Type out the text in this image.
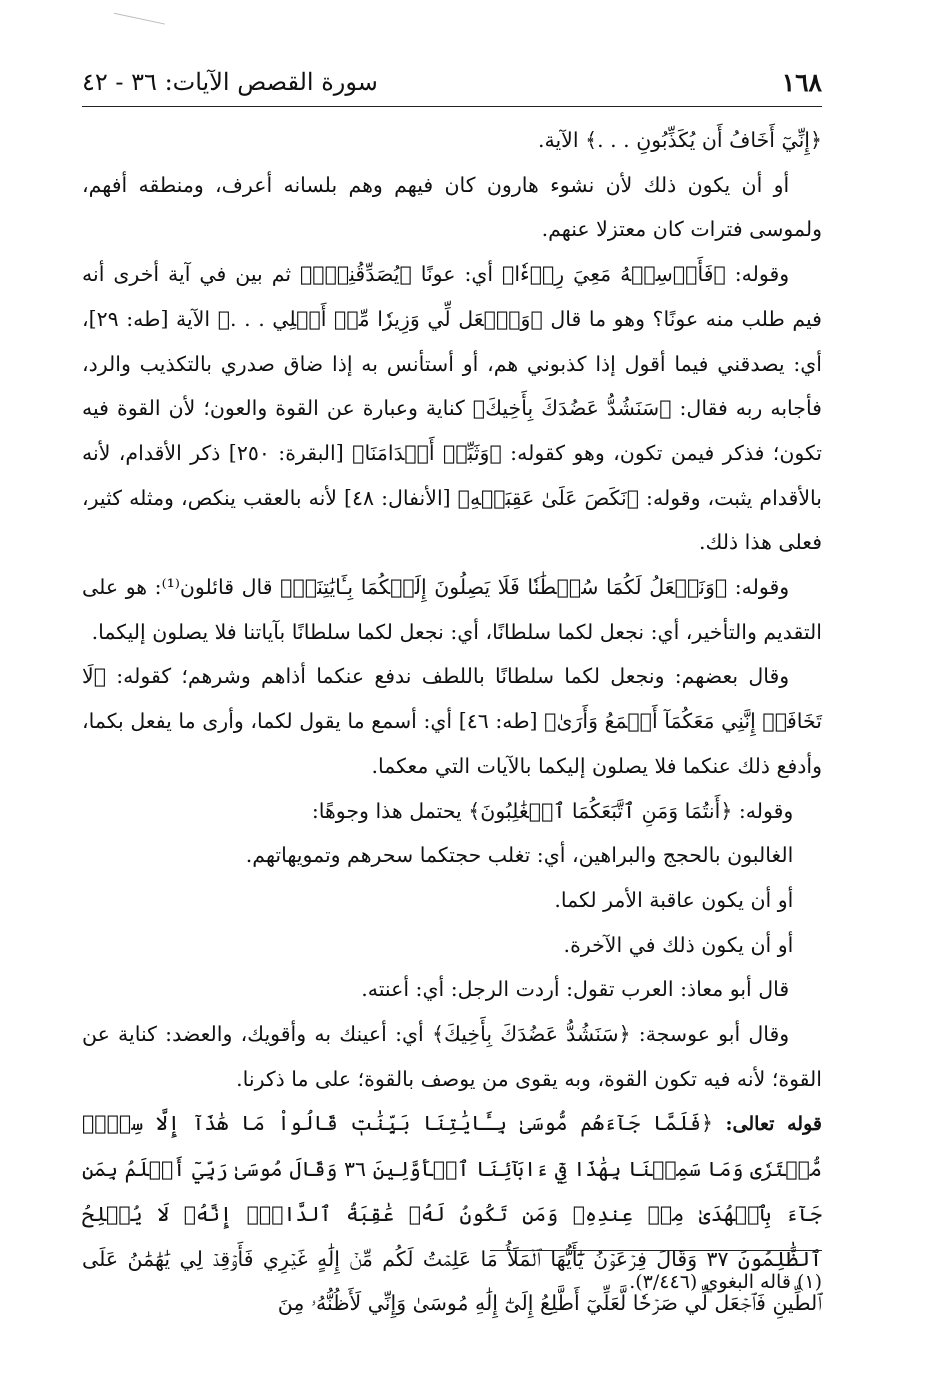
١٦٨
سورة القصص الآيات: ٣٦ - ٤٢

﴿إِنِّيٓ أَخَافُ أَن يُكَذِّبُونِ . . .﴾ الآية.

أو أن يكون ذلك لأن نشوء هارون كان فيهم وهم بلسانه أعرف، ومنطقه أفهم، ولموسى فترات كان معتزلا عنهم.

وقوله: ﴿فَأَرۡسِلۡهُ مَعِيَ رِدۡءٗا﴾ أي: عونًا ﴿يُصَدِّقُنِيٓۖ﴾ ثم بين في آية أخرى أنه فيم طلب منه عونًا؟ وهو ما قال ﴿وَٱجۡعَل لِّي وَزِيرٗا مِّنۡ أَهۡلِي . . .﴾ الآية [طه: ٢٩]، أي: يصدقني فيما أقول إذا كذبوني هم، أو أستأنس به إذا ضاق صدري بالتكذيب والرد، فأجابه ربه فقال: ﴿سَنَشُدُّ عَضُدَكَ بِأَخِيكَ﴾ كناية وعبارة عن القوة والعون؛ لأن القوة فيه تكون؛ فذكر فيمن تكون، وهو كقوله: ﴿وَثَبِّتۡ أَقۡدَامَنَا﴾ [البقرة: ٢٥٠] ذكر الأقدام، لأنه بالأقدام يثبت، وقوله: ﴿نَكَصَ عَلَىٰ عَقِبَيۡهِ﴾ [الأنفال: ٤٨] لأنه بالعقب ينكص، ومثله كثير، فعلى هذا ذلك.

وقوله: ﴿وَنَجۡعَلُ لَكُمَا سُلۡطَٰنٗا فَلَا يَصِلُونَ إِلَيۡكُمَا بِـَٔايَٰتِنَآۚ﴾ قال قائلون⁽¹⁾: هو على التقديم والتأخير، أي: نجعل لكما سلطانًا، أي: نجعل لكما سلطانًا بآياتنا فلا يصلون إليكما.

وقال بعضهم: ونجعل لكما سلطانًا باللطف ندفع عنكما أذاهم وشرهم؛ كقوله: ﴿لَا تَخَافَآۖ إِنَّنِي مَعَكُمَآ أَسۡمَعُ وَأَرَىٰ﴾ [طه: ٤٦] أي: أسمع ما يقول لكما، وأرى ما يفعل بكما، وأدفع ذلك عنكما فلا يصلون إليكما بالآيات التي معكما.

وقوله: ﴿أَنتُمَا وَمَنِ ٱتَّبَعَكُمَا ٱلۡغَٰلِبُونَ﴾ يحتمل هذا وجوهًا:

الغالبون بالحجج والبراهين، أي: تغلب حجتكما سحرهم وتمويهاتهم.

أو أن يكون عاقبة الأمر لكما.

أو أن يكون ذلك في الآخرة.

قال أبو معاذ: العرب تقول: أردت الرجل: أي: أعنته.

وقال أبو عوسجة: ﴿سَنَشُدُّ عَضُدَكَ بِأَخِيكَ﴾ أي: أعينك به وأقويك، والعضد: كناية عن القوة؛ لأنه فيه تكون القوة، وبه يقوى من يوصف بالقوة؛ على ما ذكرنا.

قوله تعالى: ﴿فَلَمَّا جَآءَهُم مُّوسَىٰ بِـَٔايَٰتِنَا بَيِّنَٰتٖ قَالُواْ مَا هَٰذَآ إِلَّا سِحۡرٞ مُّفۡتَرٗى وَمَا سَمِعۡنَا بِهَٰذَا فِيٓ ءَابَآئِنَا ٱلۡأَوَّلِينَ ٣٦ وَقَالَ مُوسَىٰ رَبِّيٓ أَعۡلَمُ بِمَن جَآءَ بِٱلۡهُدَىٰ مِنۡ عِندِهِۦ وَمَن تَكُونُ لَهُۥ عَٰقِبَةُ ٱلدَّارِۚ إِنَّهُۥ لَا يُفۡلِحُ ٱلظَّٰلِمُونَ ٣٧ وَقَالَ فِرۡعَوۡنُ يَٰٓأَيُّهَا ٱلۡمَلَأُ مَا عَلِمۡتُ لَكُم مِّنۡ إِلَٰهٍ غَيۡرِي فَأَوۡقِدۡ لِي يَٰهَٰمَٰنُ عَلَى ٱلطِّينِ فَٱجۡعَل لِّي صَرۡحٗا لَّعَلِّيٓ أَطَّلِعُ إِلَىٰٓ إِلَٰهِ مُوسَىٰ وَإِنِّي لَأَظُنُّهُۥ مِنَ

(١) قاله البغوي (٣/٤٤٦).
